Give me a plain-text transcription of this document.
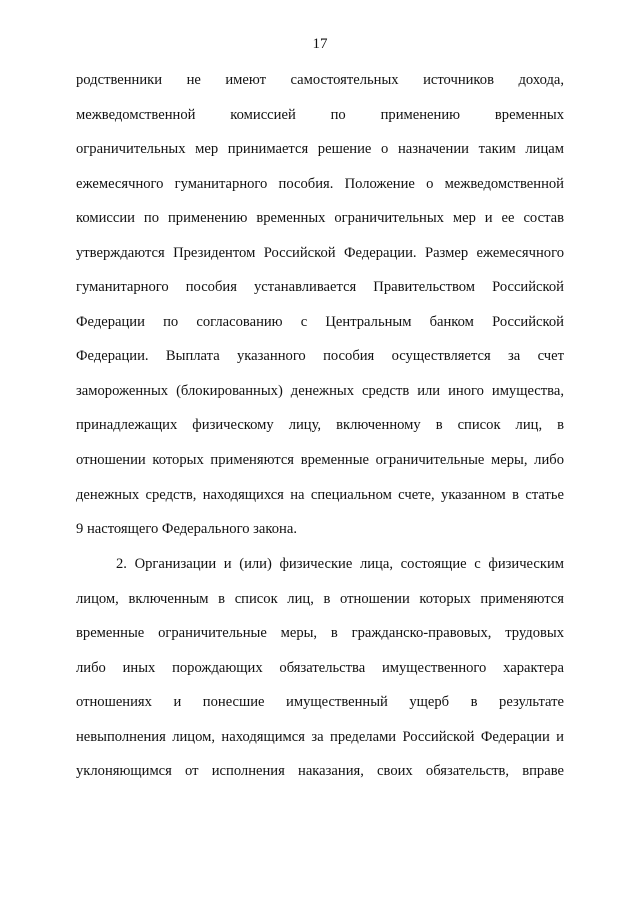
17
родственники не имеют самостоятельных источников дохода,
межведомственной комиссией по применению временных
ограничительных мер принимается решение о назначении таким лицам
ежемесячного гуманитарного пособия. Положение о межведомственной
комиссии по применению временных ограничительных мер и ее состав
утверждаются Президентом Российской Федерации. Размер ежемесячного
гуманитарного пособия устанавливается Правительством Российской
Федерации по согласованию с Центральным банком Российской
Федерации. Выплата указанного пособия осуществляется за счет
замороженных (блокированных) денежных средств или иного имущества,
принадлежащих физическому лицу, включенному в список лиц, в
отношении которых применяются временные ограничительные меры, либо
денежных средств, находящихся на специальном счете, указанном в статье
9 настоящего Федерального закона.
2. Организации и (или) физические лица, состоящие с физическим
лицом, включенным в список лиц, в отношении которых применяются
временные ограничительные меры, в гражданско-правовых, трудовых
либо иных порождающих обязательства имущественного характера
отношениях и понесшие имущественный ущерб в результате
невыполнения лицом, находящимся за пределами Российской Федерации и
уклоняющимся от исполнения наказания, своих обязательств, вправе
